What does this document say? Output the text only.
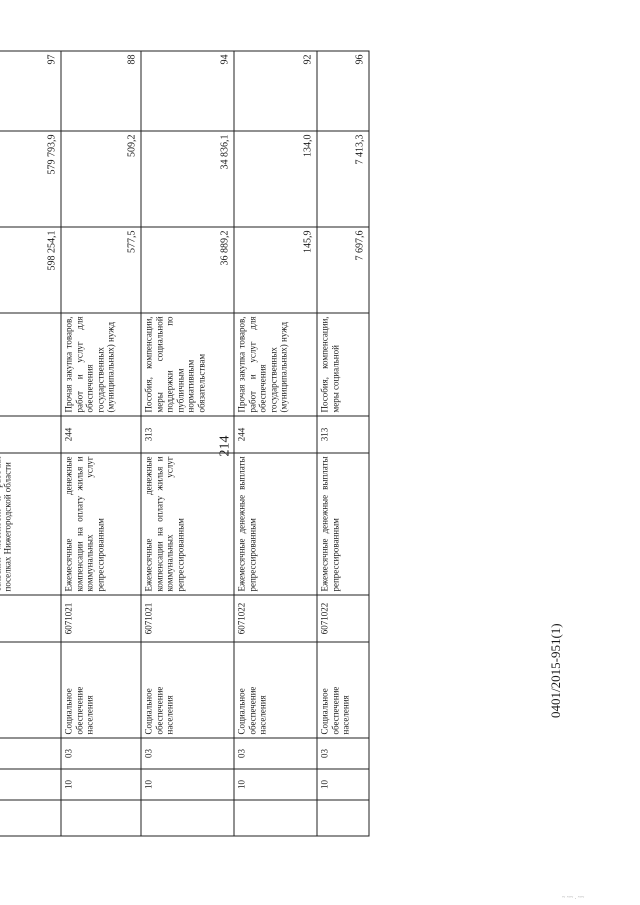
214
0401/2015-951(1)
~ ~~ . ~~

					поселках Нижегородской области			598 254,1	579 793,9	97
	10	03	Социальное обеспечение населения	6071021	Ежемесячные денежные компенсации на оплату жилья и коммунальных услуг репрессированным	244	Прочая закупка товаров, работ и услуг для обеспечения государственных (муниципальных) нужд	577,5	509,2	88
	10	03	Социальное обеспечение населения	6071021	Ежемесячные денежные компенсации на оплату жилья и коммунальных услуг репрессированным	313	Пособия, компенсации, меры социальной поддержки по публичным нормативным обязательствам	36 889,2	34 836,1	94
	10	03	Социальное обеспечение населения	6071022	Ежемесячные денежные выплаты репрессированным	244	Прочая закупка товаров, работ и услуг для обеспечения государственных (муниципальных) нужд	145,9	134,0	92
	10	03	Социальное обеспечение населения	6071022	Ежемесячные денежные выплаты репрессированным	313	Пособия, компенсации, меры социальной	7 697,6	7 413,3	96
